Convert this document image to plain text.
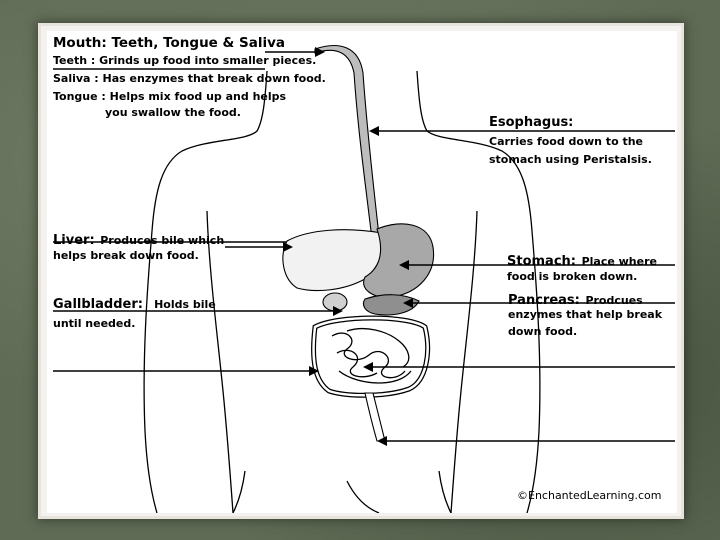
Mouth: Teeth, Tongue & Saliva
Teeth : Grinds up food into smaller pieces.
Saliva : Has enzymes that break down food.
Tongue : Helps mix food up and helps
you swallow the food.
Esophagus:
Carries food down to the
stomach using Peristalsis.
Liver: Produces bile which
helps break down food.	Stomach: Place where
food is broken down.
Gallbladder: Holds bile
until needed.
Pancreas: Prodcues
enzymes that help break
down food.
©EnchantedLearning.com
